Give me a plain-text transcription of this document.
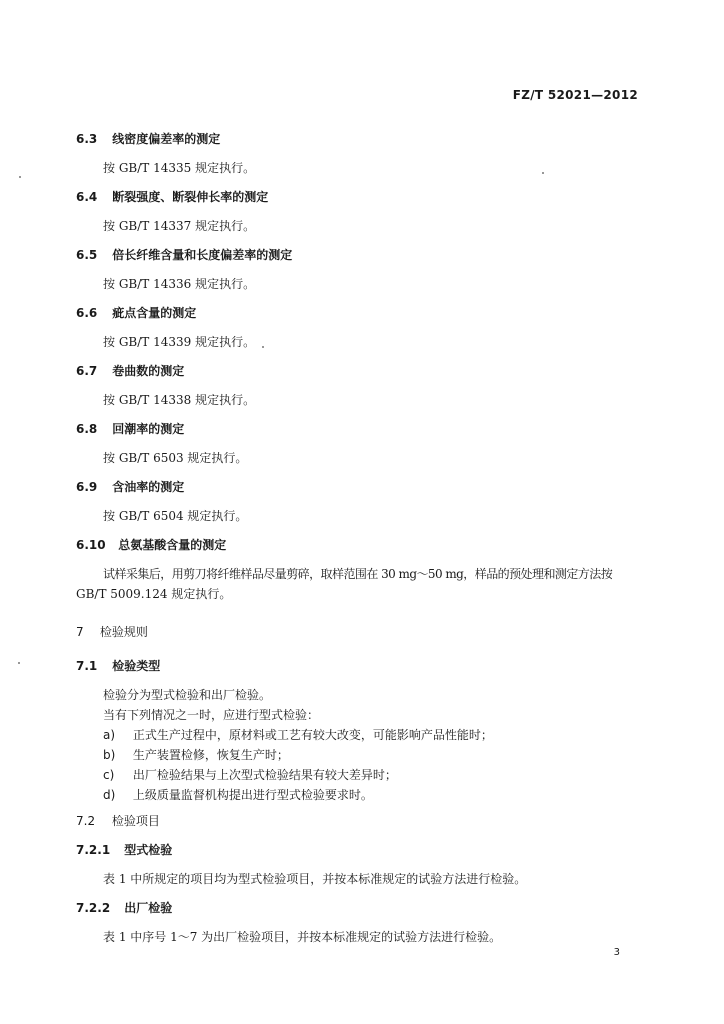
FZ/T 52021—2012
6.3 线密度偏差率的测定
按 GB/T 14335 规定执行。
6.4 断裂强度、断裂伸长率的测定
按 GB/T 14337 规定执行。
6.5 倍长纤维含量和长度偏差率的测定
按 GB/T 14336 规定执行。
6.6 疵点含量的测定
按 GB/T 14339 规定执行。
6.7 卷曲数的测定
按 GB/T 14338 规定执行。
6.8 回潮率的测定
按 GB/T 6503 规定执行。
6.9 含油率的测定
按 GB/T 6504 规定执行。
6.10 总氨基酸含量的测定
试样采集后，用剪刀将纤维样品尽量剪碎，取样范围在 30 mg～50 mg，样品的预处理和测定方法按
GB/T 5009.124 规定执行。
7 检验规则
7.1 检验类型
检验分为型式检验和出厂检验。
当有下列情况之一时，应进行型式检验：
a) 正式生产过程中，原材料或工艺有较大改变，可能影响产品性能时；
b) 生产装置检修，恢复生产时；
c) 出厂检验结果与上次型式检验结果有较大差异时；
d) 上级质量监督机构提出进行型式检验要求时。
7.2 检验项目
7.2.1 型式检验
表 1 中所规定的项目均为型式检验项目，并按本标准规定的试验方法进行检验。
7.2.2 出厂检验
表 1 中序号 1～7 为出厂检验项目，并按本标准规定的试验方法进行检验。
3
